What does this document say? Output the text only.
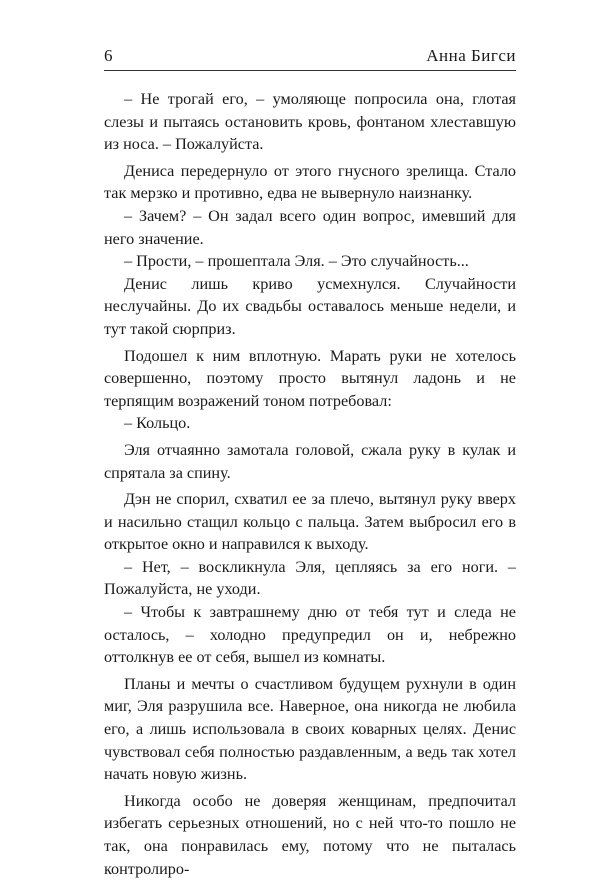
6	Анна Бигси

– Не трогай его, – умоляюще попросила она, глотая слезы и пытаясь остановить кровь, фонтаном хлеставшую из носа. – Пожалуйста.

Дениса передернуло от этого гнусного зрелища. Стало так мерзко и противно, едва не вывернуло наизнанку.

– Зачем? – Он задал всего один вопрос, имевший для него значение.

– Прости, – прошептала Эля. – Это случайность...

Денис лишь криво усмехнулся. Случайности неслучайны. До их свадьбы оставалось меньше недели, и тут такой сюрприз.

Подошел к ним вплотную. Марать руки не хотелось совершенно, поэтому просто вытянул ладонь и не терпящим возражений тоном потребовал:

– Кольцо.

Эля отчаянно замотала головой, сжала руку в кулак и спрятала за спину.

Дэн не спорил, схватил ее за плечо, вытянул руку вверх и насильно стащил кольцо с пальца. Затем выбросил его в открытое окно и направился к выходу.

– Нет, – воскликнула Эля, цепляясь за его ноги. – Пожалуйста, не уходи.

– Чтобы к завтрашнему дню от тебя тут и следа не осталось, – холодно предупредил он и, небрежно оттолкнув ее от себя, вышел из комнаты.

Планы и мечты о счастливом будущем рухнули в один миг, Эля разрушила все. Наверное, она никогда не любила его, а лишь использовала в своих коварных целях. Денис чувствовал себя полностью раздавленным, а ведь так хотел начать новую жизнь.

Никогда особо не доверяя женщинам, предпочитал избегать серьезных отношений, но с ней что-то пошло не так, она понравилась ему, потому что не пыталась контролиро-
